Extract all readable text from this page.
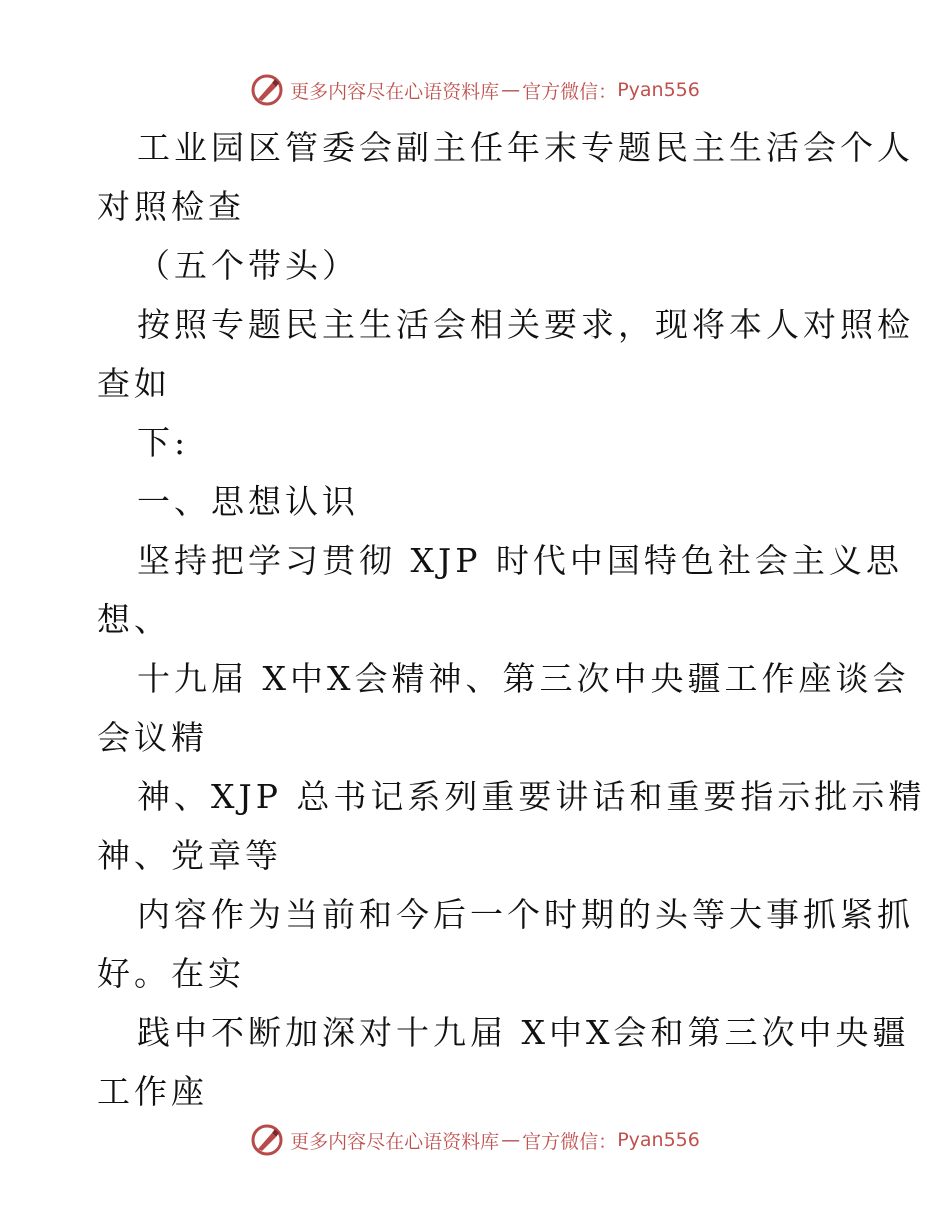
更多内容尽在心语资料库 — 官方微信： Pyan556
工业园区管委会副主任年末专题民主生活会个人
对照检查
（五个带头）
按照专题民主生活会相关要求，现将本人对照检
查如
下:
一、思想认识
坚持把学习贯彻 XJP 时代中国特色社会主义思
想、
十九届 X中X会精神、第三次中央疆工作座谈会
会议精
神、XJP 总书记系列重要讲话和重要指示批示精
神、党章等
内容作为当前和今后一个时期的头等大事抓紧抓
好。在实
践中不断加深对十九届 X中X会和第三次中央疆
工作座
更多内容尽在心语资料库 — 官方微信： Pyan556
